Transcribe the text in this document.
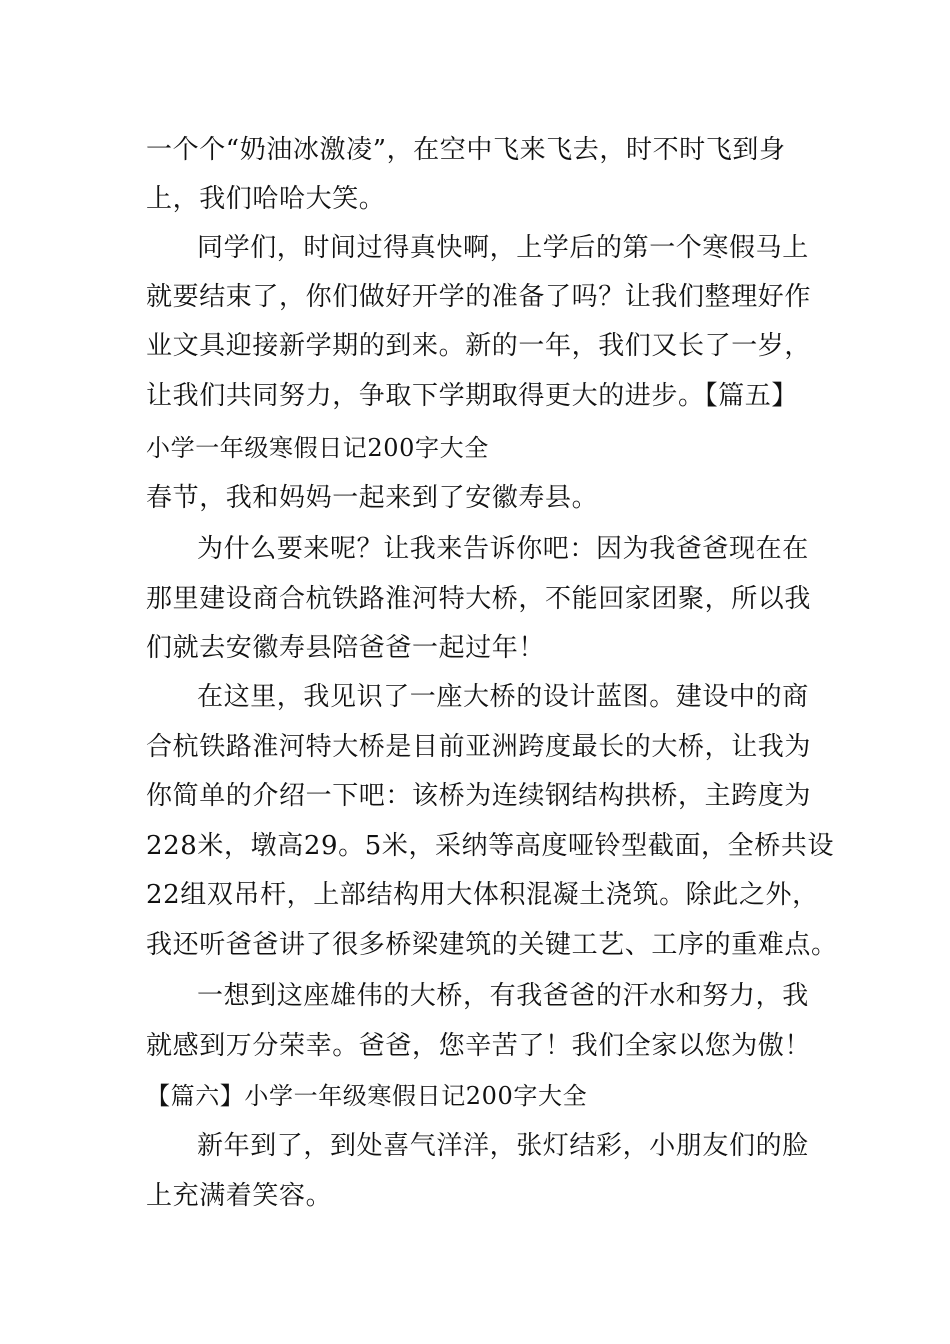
一个个“奶油冰激凌”，在空中飞来飞去，时不时飞到身
上，我们哈哈大笑。
同学们，时间过得真快啊，上学后的第一个寒假马上
就要结束了，你们做好开学的准备了吗？让我们整理好作
业文具迎接新学期的到来。新的一年，我们又长了一岁，
让我们共同努力，争取下学期取得更大的进步。【篇五】
小学一年级寒假日记200字大全
春节，我和妈妈一起来到了安徽寿县。
为什么要来呢？让我来告诉你吧：因为我爸爸现在在
那里建设商合杭铁路淮河特大桥，不能回家团聚，所以我
们就去安徽寿县陪爸爸一起过年！
在这里，我见识了一座大桥的设计蓝图。建设中的商
合杭铁路淮河特大桥是目前亚洲跨度最长的大桥，让我为
你简单的介绍一下吧：该桥为连续钢结构拱桥，主跨度为
228米，墩高29。5米，采纳等高度哑铃型截面，全桥共设
22组双吊杆，上部结构用大体积混凝土浇筑。除此之外，
我还听爸爸讲了很多桥梁建筑的关键工艺、工序的重难点。
一想到这座雄伟的大桥，有我爸爸的汗水和努力，我
就感到万分荣幸。爸爸，您辛苦了！我们全家以您为傲！
【篇六】小学一年级寒假日记200字大全
新年到了，到处喜气洋洋，张灯结彩，小朋友们的脸
上充满着笑容。
